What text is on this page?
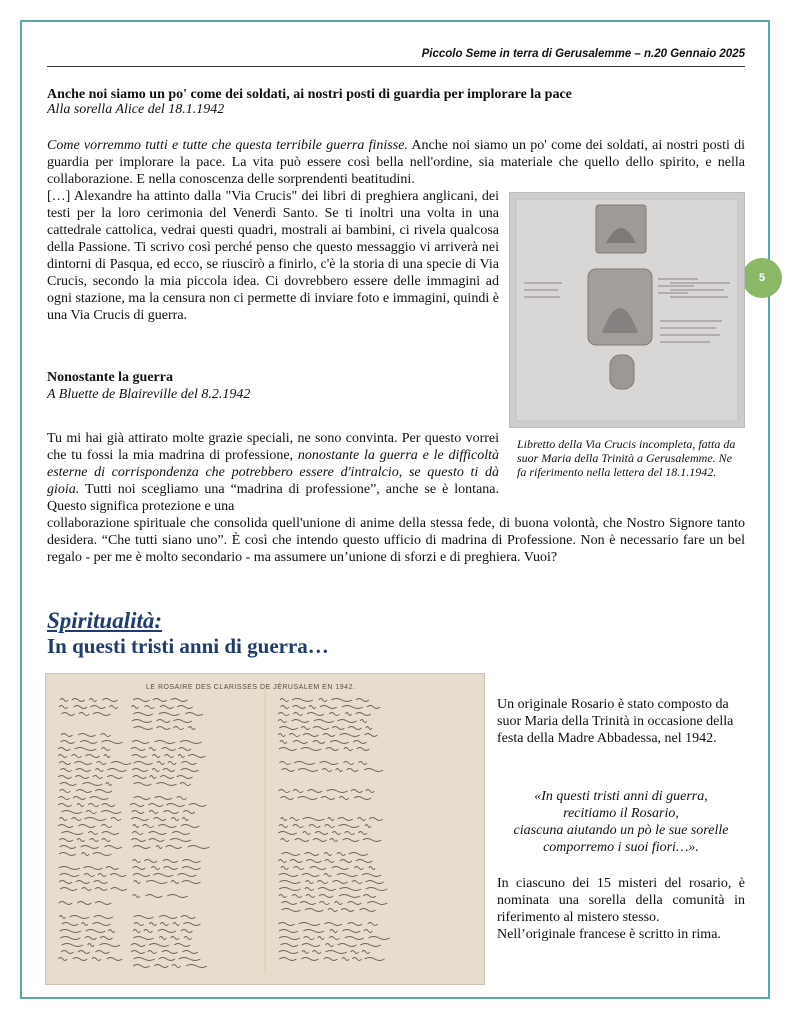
Piccolo Seme in terra di Gerusalemme – n.20 Gennaio 2025
5
Anche noi siamo un po' come dei soldati, ai nostri posti di guardia per implorare la pace
Alla sorella Alice del 18.1.1942
Come vorremmo tutti e tutte che questa terribile guerra finisse. Anche noi siamo un po' come dei soldati, ai nostri posti di guardia per implorare la pace. La vita può essere così bella nell'ordine, sia materiale che quello dello spirito, e nella collaborazione. E nella conoscenza delle sorprendenti beatitudini.
[…] Alexandre ha attinto dalla "Via Crucis" dei libri di preghiera anglicani, dei testi per la loro cerimonia del Venerdì Santo. Se ti inoltri una volta in una cattedrale cattolica, vedrai questi quadri, mostrali ai bambini, ci rivela qualcosa della Passione. Ti scrivo così perché penso che questo messaggio vi arriverà nei dintorni di Pasqua, ed ecco, se riuscirò a finirlo, c'è la storia di una specie di Via Crucis, secondo la mia piccola idea. Ci dovrebbero essere delle immagini ad ogni stazione, ma la censura non ci permette di inviare foto e immagini, quindi è una Via Crucis di guerra.
Libretto della Via Crucis incompleta, fatta da suor Maria della Trinità a Gerusalemme. Ne fa riferimento nella lettera del 18.1.1942.
Nonostante la guerra
A Bluette de Blaireville del 8.2.1942
Tu mi hai già attirato molte grazie speciali, ne sono convinta. Per questo vorrei che tu fossi la mia madrina di professione, nonostante la guerra e le difficoltà esterne di corrispondenza che potrebbero essere d'intralcio, se questo ti dà gioia. Tutti noi scegliamo una “madrina di professione”, anche se è lontana. Questo significa protezione e una
collaborazione spirituale che consolida quell'unione di anime della stessa fede, di buona volontà, che Nostro Signore tanto desidera. “Che tutti siano uno”. È così che intendo questo ufficio di madrina di Professione. Non è necessario fare un bel regalo - per me è molto secondario - ma assumere un’unione di sforzi e di preghiera. Vuoi?
Spiritualità:
In questi tristi anni di guerra…
LE ROSAIRE DES CLARISSES DE JÉRUSALEM EN 1942.
Un originale Rosario è stato composto da suor Maria della Trinità in occasione della festa della Madre Abbadessa, nel 1942.
«In questi tristi anni di guerra,
recitiamo il Rosario,
ciascuna aiutando un pò le sue sorelle
comporremo i suoi fiori…».
In ciascuno dei 15 misteri del rosario, è nominata una sorella della comunità in riferimento al mistero stesso.
Nell’originale francese è scritto in rima.
